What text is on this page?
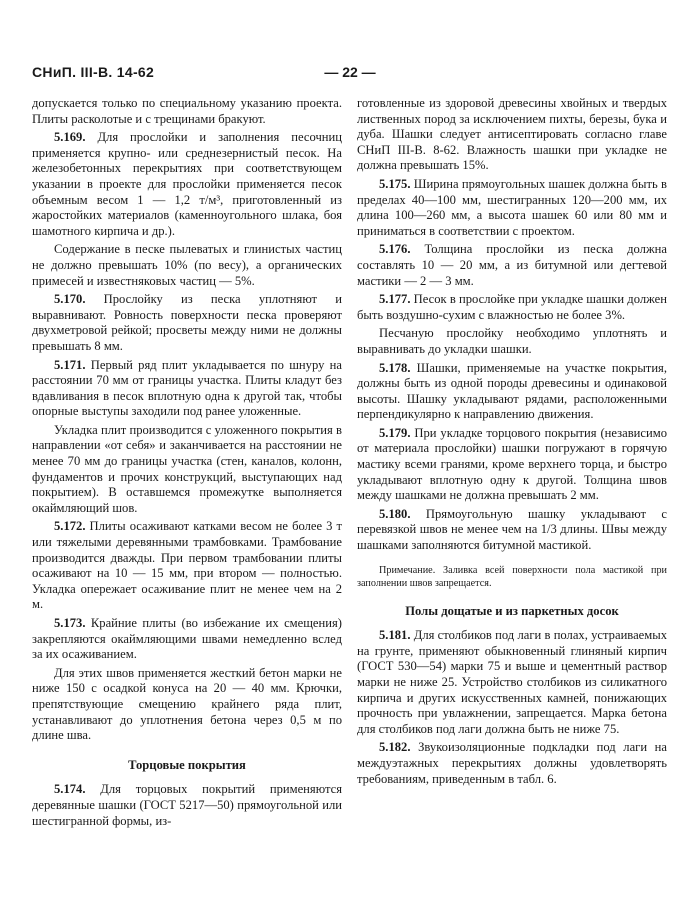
СНиП. III-В. 14-62	— 22 —

допускается только по специальному указанию проекта. Плиты расколотые и с трещинами бракуют.

5.169. Для прослойки и заполнения песочниц применяется крупно- или среднезернистый песок. На железобетонных перекрытиях при соответствующем указании в проекте для прослойки применяется песок объемным весом 1 — 1,2 т/м³, приготовленный из жаростойких материалов (каменноугольного шлака, боя шамотного кирпича и др.).

Содержание в песке пылеватых и глинистых частиц не должно превышать 10% (по весу), а органических примесей и известняковых частиц — 5%.

5.170. Прослойку из песка уплотняют и выравнивают. Ровность поверхности песка проверяют двухметровой рейкой; просветы между ними не должны превышать 8 мм.

5.171. Первый ряд плит укладывается по шнуру на расстоянии 70 мм от границы участка. Плиты кладут без вдавливания в песок вплотную одна к другой так, чтобы опорные выступы заходили под ранее уложенные.

Укладка плит производится с уложенного покрытия в направлении «от себя» и заканчивается на расстоянии не менее 70 мм до границы участка (стен, каналов, колонн, фундаментов и прочих конструкций, выступающих над покрытием). В оставшемся промежутке выполняется окаймляющий шов.

5.172. Плиты осаживают катками весом не более 3 т или тяжелыми деревянными трамбовками. Трамбование производится дважды. При первом трамбовании плиты осаживают на 10 — 15 мм, при втором — полностью. Укладка опережает осаживание плит не менее чем на 2 м.

5.173. Крайние плиты (во избежание их смещения) закрепляются окаймляющими швами немедленно вслед за их осаживанием.

Для этих швов применяется жесткий бетон марки не ниже 150 с осадкой конуса на 20 — 40 мм. Крючки, препятствующие смещению крайнего ряда плит, устанавливают до уплотнения бетона через 0,5 м по длине шва.

Торцовые покрытия

5.174. Для торцовых покрытий применяются деревянные шашки (ГОСТ 5217—50) прямоугольной или шестигранной формы, из-

готовленные из здоровой древесины хвойных и твердых лиственных пород за исключением пихты, березы, бука и дуба. Шашки следует антисептировать согласно главе СНиП III-В. 8-62. Влажность шашки при укладке не должна превышать 15%.

5.175. Ширина прямоугольных шашек должна быть в пределах 40—100 мм, шестигранных 120—200 мм, их длина 100—260 мм, а высота шашек 60 или 80 мм и приниматься в соответствии с проектом.

5.176. Толщина прослойки из песка должна составлять 10 — 20 мм, а из битумной или дегтевой мастики — 2 — 3 мм.

5.177. Песок в прослойке при укладке шашки должен быть воздушно-сухим с влажностью не более 3%.

Песчаную прослойку необходимо уплотнять и выравнивать до укладки шашки.

5.178. Шашки, применяемые на участке покрытия, должны быть из одной породы древесины и одинаковой высоты. Шашку укладывают рядами, расположенными перпендикулярно к направлению движения.

5.179. При укладке торцового покрытия (независимо от материала прослойки) шашки погружают в горячую мастику всеми гранями, кроме верхнего торца, и быстро укладывают вплотную одну к другой. Толщина швов между шашками не должна превышать 2 мм.

5.180. Прямоугольную шашку укладывают с перевязкой швов не менее чем на 1/3 длины. Швы между шашками заполняются битумной мастикой.

Примечание. Заливка всей поверхности пола мастикой при заполнении швов запрещается.

Полы дощатые и из паркетных досок

5.181. Для столбиков под лаги в полах, устраиваемых на грунте, применяют обыкновенный глиняный кирпич (ГОСТ 530—54) марки 75 и выше и цементный раствор марки не ниже 25. Устройство столбиков из силикатного кирпича и других искусственных камней, понижающих прочность при увлажнении, запрещается. Марка бетона для столбиков под лаги должна быть не ниже 75.

5.182. Звукоизоляционные подкладки под лаги на междуэтажных перекрытиях должны удовлетворять требованиям, приведенным в табл. 6.
